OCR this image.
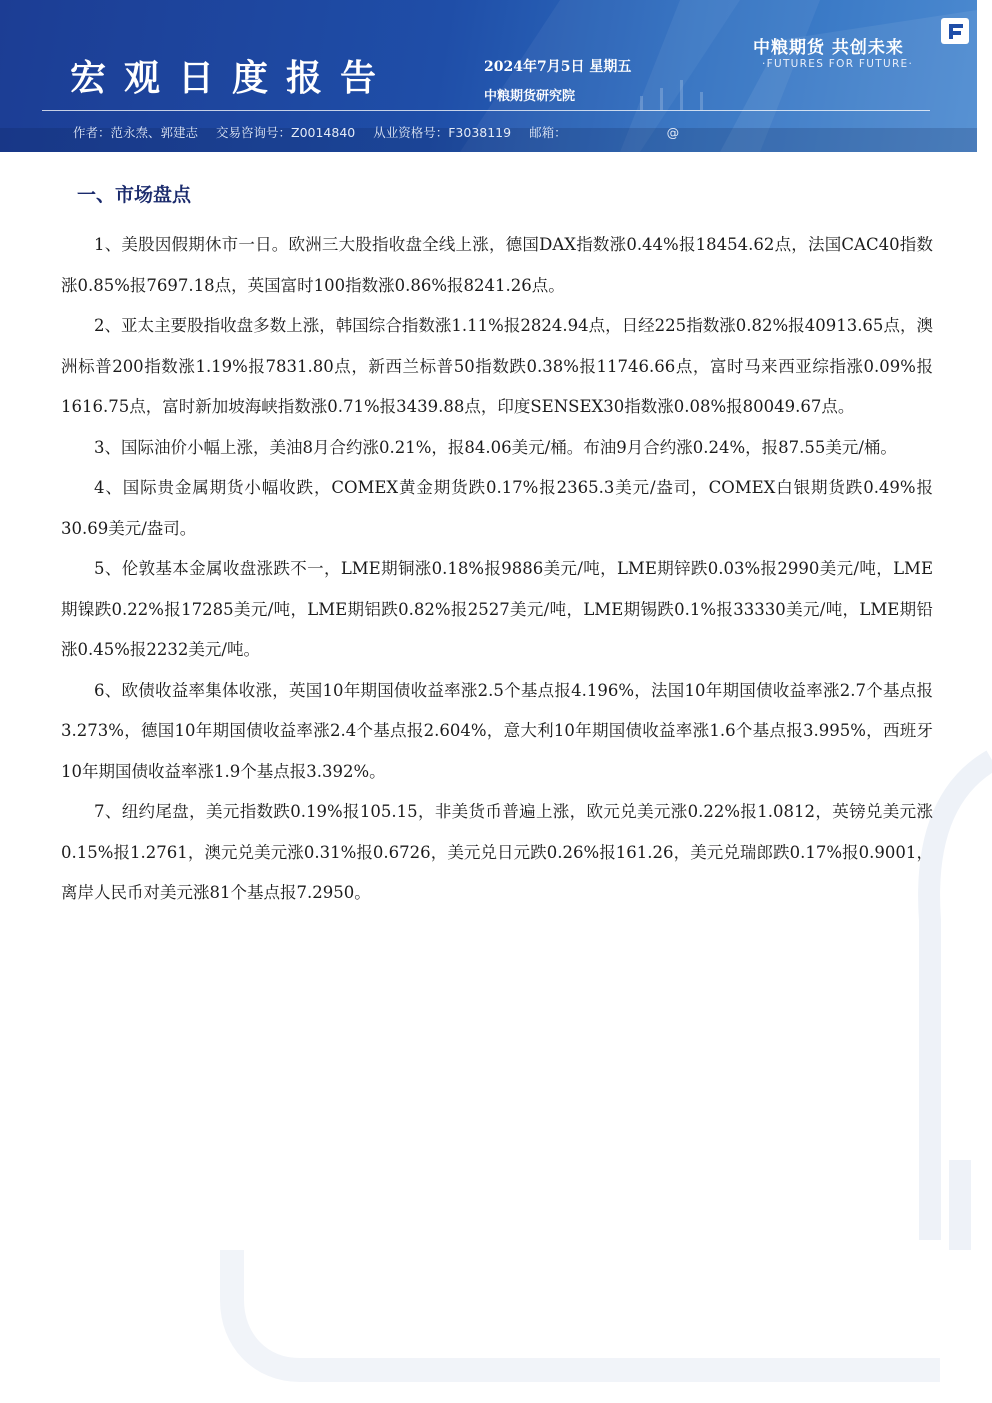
宏观日度报告	2024年7月5日 星期五
中粮期货研究院
中粮期货 共创未来
·FUTURES FOR FUTURE·
作者：范永焘、郭建志 交易咨询号：Z0014840 从业资格号：F3038119 邮箱：	@
一、市场盘点

1、美股因假期休市一日。欧洲三大股指收盘全线上涨，德国DAX指数涨0.44%报18454.62点，法国CAC40指数涨0.85%报7697.18点，英国富时100指数涨0.86%报8241.26点。

2、亚太主要股指收盘多数上涨，韩国综合指数涨1.11%报2824.94点，日经225指数涨0.82%报40913.65点，澳洲标普200指数涨1.19%报7831.80点，新西兰标普50指数跌0.38%报11746.66点，富时马来西亚综指涨0.09%报1616.75点，富时新加坡海峡指数涨0.71%报3439.88点，印度SENSEX30指数涨0.08%报80049.67点。

3、国际油价小幅上涨，美油8月合约涨0.21%，报84.06美元/桶。布油9月合约涨0.24%，报87.55美元/桶。

4、国际贵金属期货小幅收跌，COMEX黄金期货跌0.17%报2365.3美元/盎司，COMEX白银期货跌0.49%报30.69美元/盎司。

5、伦敦基本金属收盘涨跌不一，LME期铜涨0.18%报9886美元/吨，LME期锌跌0.03%报2990美元/吨，LME期镍跌0.22%报17285美元/吨，LME期铝跌0.82%报2527美元/吨，LME期锡跌0.1%报33330美元/吨，LME期铅涨0.45%报2232美元/吨。

6、欧债收益率集体收涨，英国10年期国债收益率涨2.5个基点报4.196%，法国10年期国债收益率涨2.7个基点报3.273%，德国10年期国债收益率涨2.4个基点报2.604%，意大利10年期国债收益率涨1.6个基点报3.995%，西班牙10年期国债收益率涨1.9个基点报3.392%。

7、纽约尾盘，美元指数跌0.19%报105.15，非美货币普遍上涨，欧元兑美元涨0.22%报1.0812，英镑兑美元涨0.15%报1.2761，澳元兑美元涨0.31%报0.6726，美元兑日元跌0.26%报161.26，美元兑瑞郎跌0.17%报0.9001，离岸人民币对美元涨81个基点报7.2950。
